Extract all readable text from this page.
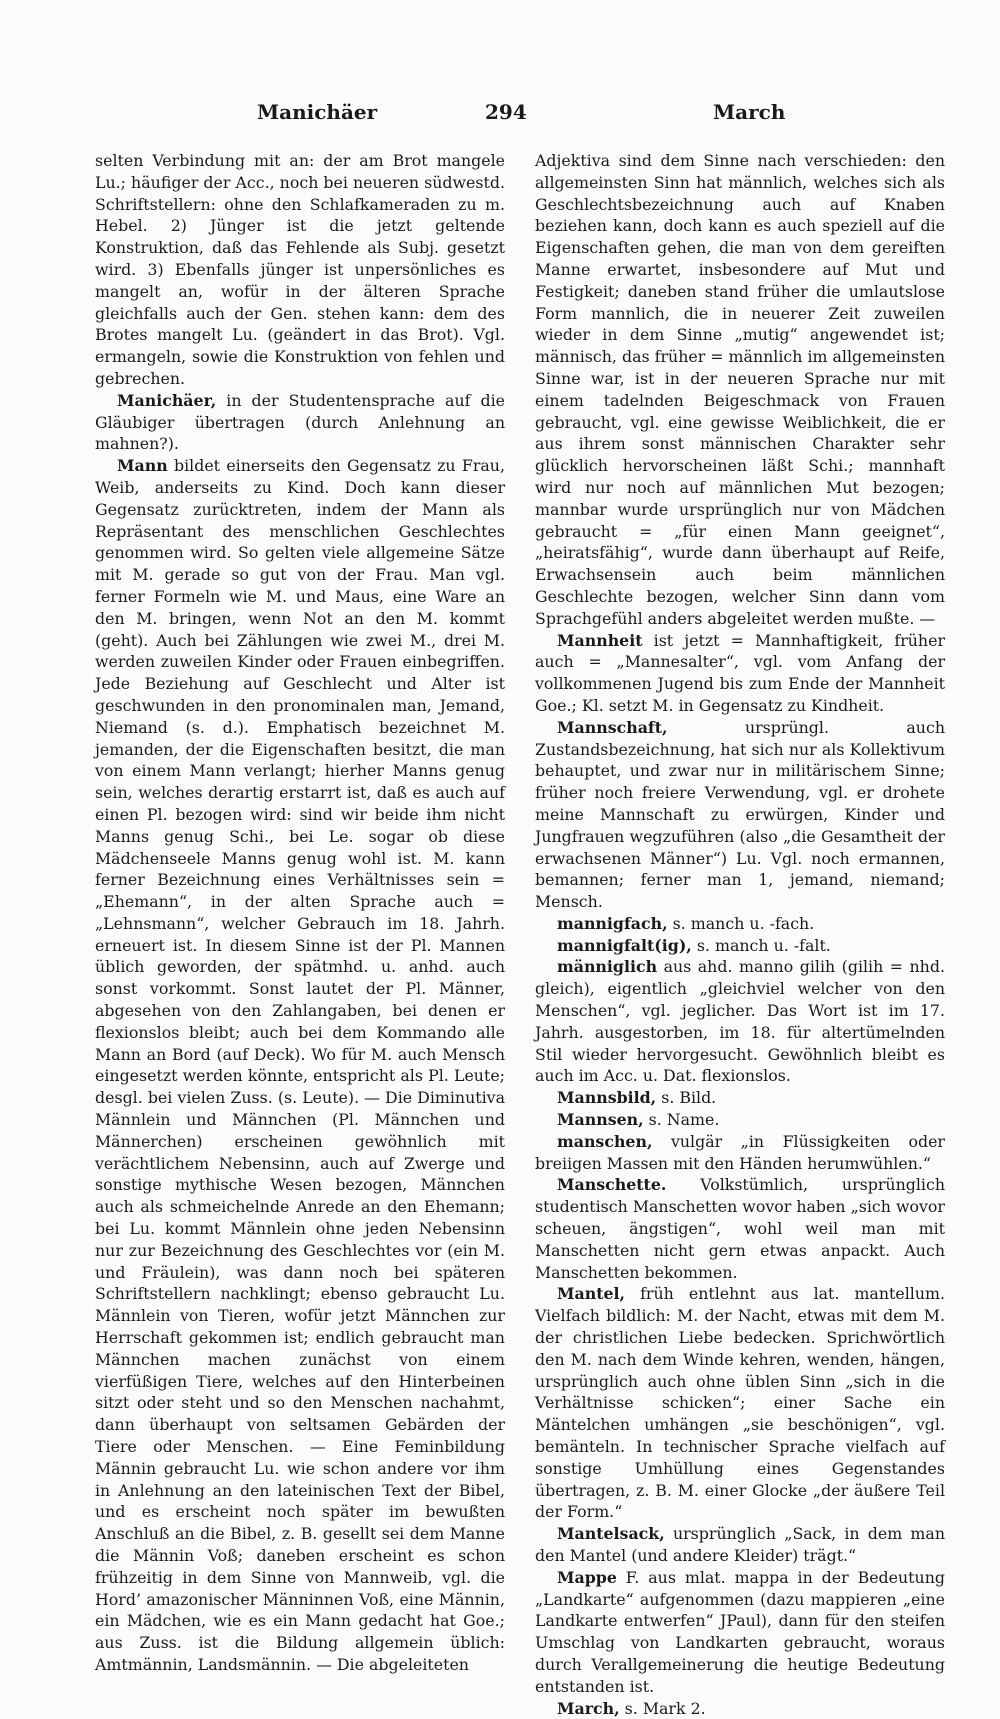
Manichäer	294	March

selten Verbindung mit an: der am Brot mangele Lu.; häufiger der Acc., noch bei neueren südwestd. Schriftstellern: ohne den Schlafkameraden zu m. Hebel. 2) Jünger ist die jetzt geltende Konstruktion, daß das Fehlende als Subj. gesetzt wird. 3) Ebenfalls jünger ist unpersönliches es mangelt an, wofür in der älteren Sprache gleichfalls auch der Gen. stehen kann: dem des Brotes mangelt Lu. (geändert in das Brot). Vgl. ermangeln, sowie die Konstruktion von fehlen und gebrechen.

Manichäer, in der Studentensprache auf die Gläubiger übertragen (durch Anlehnung an mahnen?).

Mann bildet einerseits den Gegensatz zu Frau, Weib, anderseits zu Kind. Doch kann dieser Gegensatz zurücktreten, indem der Mann als Repräsentant des menschlichen Geschlechtes genommen wird. So gelten viele allgemeine Sätze mit M. gerade so gut von der Frau. Man vgl. ferner Formeln wie M. und Maus, eine Ware an den M. bringen, wenn Not an den M. kommt (geht). Auch bei Zählungen wie zwei M., drei M. werden zuweilen Kinder oder Frauen einbegriffen. Jede Beziehung auf Geschlecht und Alter ist geschwunden in den pronominalen man, Jemand, Niemand (s. d.). Emphatisch bezeichnet M. jemanden, der die Eigenschaften besitzt, die man von einem Mann verlangt; hierher Manns genug sein, welches derartig erstarrt ist, daß es auch auf einen Pl. bezogen wird: sind wir beide ihm nicht Manns genug Schi., bei Le. sogar ob diese Mädchenseele Manns genug wohl ist. M. kann ferner Bezeichnung eines Verhältnisses sein = „Ehemann“, in der alten Sprache auch = „Lehnsmann“, welcher Gebrauch im 18. Jahrh. erneuert ist. In diesem Sinne ist der Pl. Mannen üblich geworden, der spätmhd. u. anhd. auch sonst vorkommt. Sonst lautet der Pl. Männer, abgesehen von den Zahlangaben, bei denen er flexionslos bleibt; auch bei dem Kommando alle Mann an Bord (auf Deck). Wo für M. auch Mensch eingesetzt werden könnte, entspricht als Pl. Leute; desgl. bei vielen Zuss. (s. Leute). — Die Diminutiva Männlein und Männchen (Pl. Männchen und Männerchen) erscheinen gewöhnlich mit verächtlichem Nebensinn, auch auf Zwerge und sonstige mythische Wesen bezogen, Männchen auch als schmeichelnde Anrede an den Ehemann; bei Lu. kommt Männlein ohne jeden Nebensinn nur zur Bezeichnung des Geschlechtes vor (ein M. und Fräulein), was dann noch bei späteren Schriftstellern nachklingt; ebenso gebraucht Lu. Männlein von Tieren, wofür jetzt Männchen zur Herrschaft gekommen ist; endlich gebraucht man Männchen machen zunächst von einem vierfüßigen Tiere, welches auf den Hinterbeinen sitzt oder steht und so den Menschen nachahmt, dann überhaupt von seltsamen Gebärden der Tiere oder Menschen. — Eine Feminbildung Männin gebraucht Lu. wie schon andere vor ihm in Anlehnung an den lateinischen Text der Bibel, und es erscheint noch später im bewußten Anschluß an die Bibel, z. B. gesellt sei dem Manne die Männin Voß; daneben erscheint es schon frühzeitig in dem Sinne von Mannweib, vgl. die Hord’ amazonischer Männinnen Voß, eine Männin, ein Mädchen, wie es ein Mann gedacht hat Goe.; aus Zuss. ist die Bildung allgemein üblich: Amtmännin, Landsmännin. — Die abgeleiteten

Adjektiva sind dem Sinne nach verschieden: den allgemeinsten Sinn hat männlich, welches sich als Geschlechtsbezeichnung auch auf Knaben beziehen kann, doch kann es auch speziell auf die Eigenschaften gehen, die man von dem gereiften Manne erwartet, insbesondere auf Mut und Festigkeit; daneben stand früher die umlautslose Form mannlich, die in neuerer Zeit zuweilen wieder in dem Sinne „mutig“ angewendet ist; männisch, das früher = männlich im allgemeinsten Sinne war, ist in der neueren Sprache nur mit einem tadelnden Beigeschmack von Frauen gebraucht, vgl. eine gewisse Weiblichkeit, die er aus ihrem sonst männischen Charakter sehr glücklich hervorscheinen läßt Schi.; mannhaft wird nur noch auf männlichen Mut bezogen; mannbar wurde ursprünglich nur von Mädchen gebraucht = „für einen Mann geeignet“, „heiratsfähig“, wurde dann überhaupt auf Reife, Erwachsensein auch beim männlichen Geschlechte bezogen, welcher Sinn dann vom Sprachgefühl anders abgeleitet werden mußte. —

Mannheit ist jetzt = Mannhaftigkeit, früher auch = „Mannesalter“, vgl. vom Anfang der vollkommenen Jugend bis zum Ende der Mannheit Goe.; Kl. setzt M. in Gegensatz zu Kindheit.

Mannschaft, ursprüngl. auch Zustandsbezeichnung, hat sich nur als Kollektivum behauptet, und zwar nur in militärischem Sinne; früher noch freiere Verwendung, vgl. er drohete meine Mannschaft zu erwürgen, Kinder und Jungfrauen wegzuführen (also „die Gesamtheit der erwachsenen Männer“) Lu. Vgl. noch ermannen, bemannen; ferner man 1, jemand, niemand; Mensch.

mannigfach, s. manch u. -fach.

mannigfalt(ig), s. manch u. -falt.

männiglich aus ahd. manno gilih (gilih = nhd. gleich), eigentlich „gleichviel welcher von den Menschen“, vgl. jeglicher. Das Wort ist im 17. Jahrh. ausgestorben, im 18. für altertümelnden Stil wieder hervorgesucht. Gewöhnlich bleibt es auch im Acc. u. Dat. flexionslos.

Mannsbild, s. Bild.

Mannsen, s. Name.

manschen, vulgär „in Flüssigkeiten oder breiigen Massen mit den Händen herumwühlen.“

Manschette. Volkstümlich, ursprünglich studentisch Manschetten wovor haben „sich wovor scheuen, ängstigen“, wohl weil man mit Manschetten nicht gern etwas anpackt. Auch Manschetten bekommen.

Mantel, früh entlehnt aus lat. mantellum. Vielfach bildlich: M. der Nacht, etwas mit dem M. der christlichen Liebe bedecken. Sprichwörtlich den M. nach dem Winde kehren, wenden, hängen, ursprünglich auch ohne üblen Sinn „sich in die Verhältnisse schicken“; einer Sache ein Mäntelchen umhängen „sie beschönigen“, vgl. bemänteln. In technischer Sprache vielfach auf sonstige Umhüllung eines Gegenstandes übertragen, z. B. M. einer Glocke „der äußere Teil der Form.“

Mantelsack, ursprünglich „Sack, in dem man den Mantel (und andere Kleider) trägt.“

Mappe F. aus mlat. mappa in der Bedeutung „Landkarte“ aufgenommen (dazu mappieren „eine Landkarte entwerfen“ JPaul), dann für den steifen Umschlag von Landkarten gebraucht, woraus durch Verallgemeinerung die heutige Bedeutung entstanden ist.

March, s. Mark 2.
